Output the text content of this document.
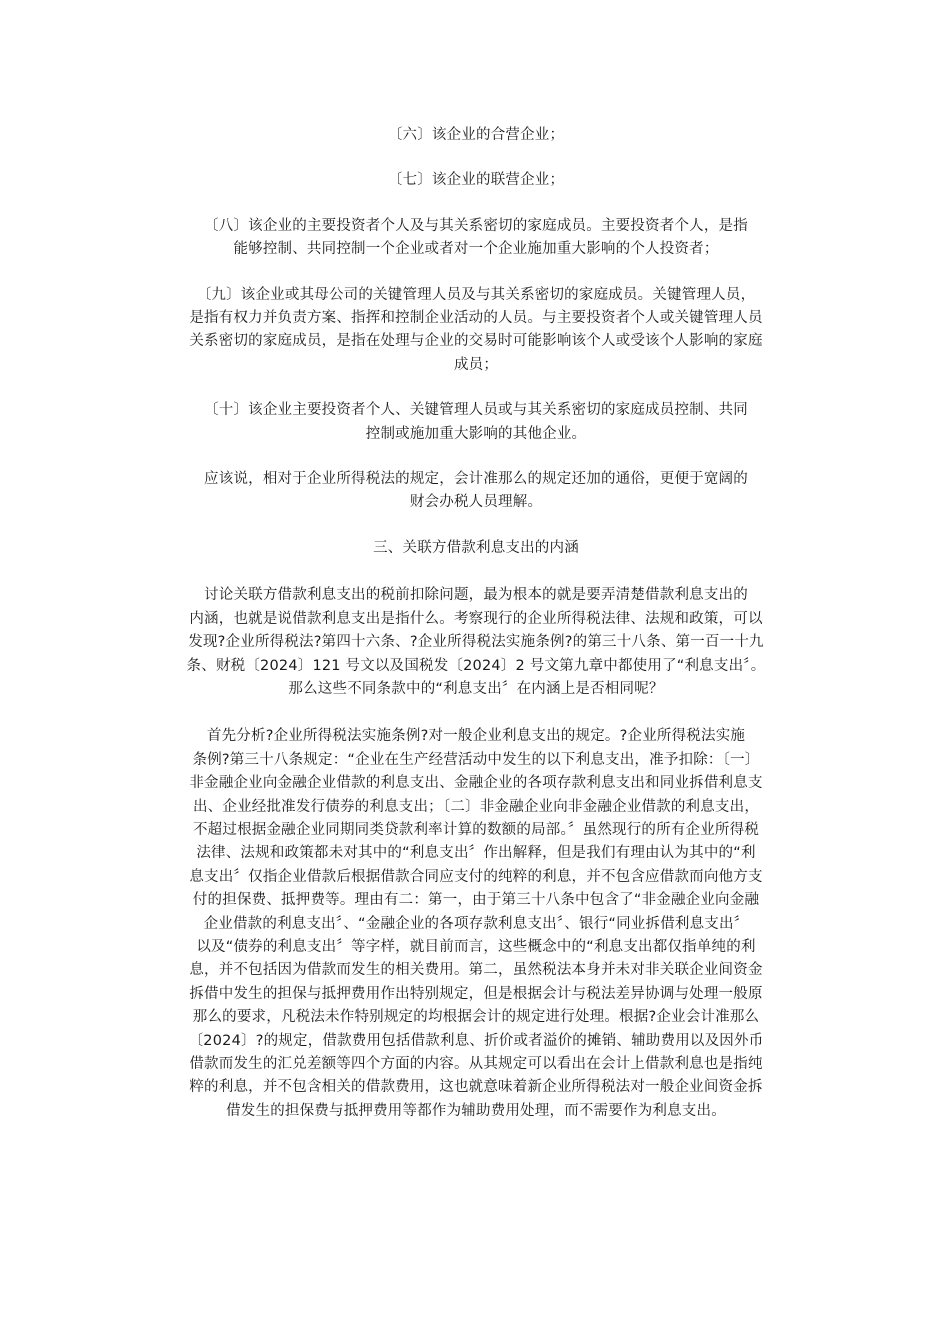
〔六〕该企业的合营企业；

〔七〕该企业的联营企业；

〔八〕该企业的主要投资者个人及与其关系密切的家庭成员。主要投资者个人，是指
能够控制、共同控制一个企业或者对一个企业施加重大影响的个人投资者；

〔九〕该企业或其母公司的关键管理人员及与其关系密切的家庭成员。关键管理人员，
是指有权力并负责方案、指挥和控制企业活动的人员。与主要投资者个人或关键管理人员
关系密切的家庭成员，是指在处理与企业的交易时可能影响该个人或受该个人影响的家庭
成员；

〔十〕该企业主要投资者个人、关键管理人员或与其关系密切的家庭成员控制、共同
控制或施加重大影响的其他企业。

应该说，相对于企业所得税法的规定，会计准那么的规定还加的通俗，更便于宽阔的
财会办税人员理解。

三、关联方借款利息支出的内涵

讨论关联方借款利息支出的税前扣除问题，最为根本的就是要弄清楚借款利息支出的
内涵，也就是说借款利息支出是指什么。考察现行的企业所得税法律、法规和政策，可以
发现?企业所得税法?第四十六条、?企业所得税法实施条例?的第三十八条、第一百一十九
条、财税〔2024〕121 号文以及国税发〔2024〕2 号文第九章中都使用了“利息支出〞。
那么这些不同条款中的“利息支出〞在内涵上是否相同呢？

首先分析?企业所得税法实施条例?对一般企业利息支出的规定。?企业所得税法实施
条例?第三十八条规定：“企业在生产经营活动中发生的以下利息支出，准予扣除：〔一〕
非金融企业向金融企业借款的利息支出、金融企业的各项存款利息支出和同业拆借利息支
出、企业经批准发行债券的利息支出；〔二〕非金融企业向非金融企业借款的利息支出，
不超过根据金融企业同期同类贷款利率计算的数额的局部。〞虽然现行的所有企业所得税
法律、法规和政策都未对其中的“利息支出〞作出解释，但是我们有理由认为其中的“利
息支出〞仅指企业借款后根据借款合同应支付的纯粹的利息，并不包含应借款而向他方支
付的担保费、抵押费等。理由有二：第一，由于第三十八条中包含了“非金融企业向金融
企业借款的利息支出〞、“金融企业的各项存款利息支出〞、银行“同业拆借利息支出〞
以及“债券的利息支出〞等字样，就目前而言，这些概念中的“利息支出都仅指单纯的利
息，并不包括因为借款而发生的相关费用。第二，虽然税法本身并未对非关联企业间资金
拆借中发生的担保与抵押费用作出特别规定，但是根据会计与税法差异协调与处理一般原
那么的要求，凡税法未作特别规定的均根据会计的规定进行处理。根据?企业会计准那么
〔2024〕?的规定，借款费用包括借款利息、折价或者溢价的摊销、辅助费用以及因外币
借款而发生的汇兑差额等四个方面的内容。从其规定可以看出在会计上借款利息也是指纯
粹的利息，并不包含相关的借款费用，这也就意味着新企业所得税法对一般企业间资金拆
借发生的担保费与抵押费用等都作为辅助费用处理，而不需要作为利息支出。
